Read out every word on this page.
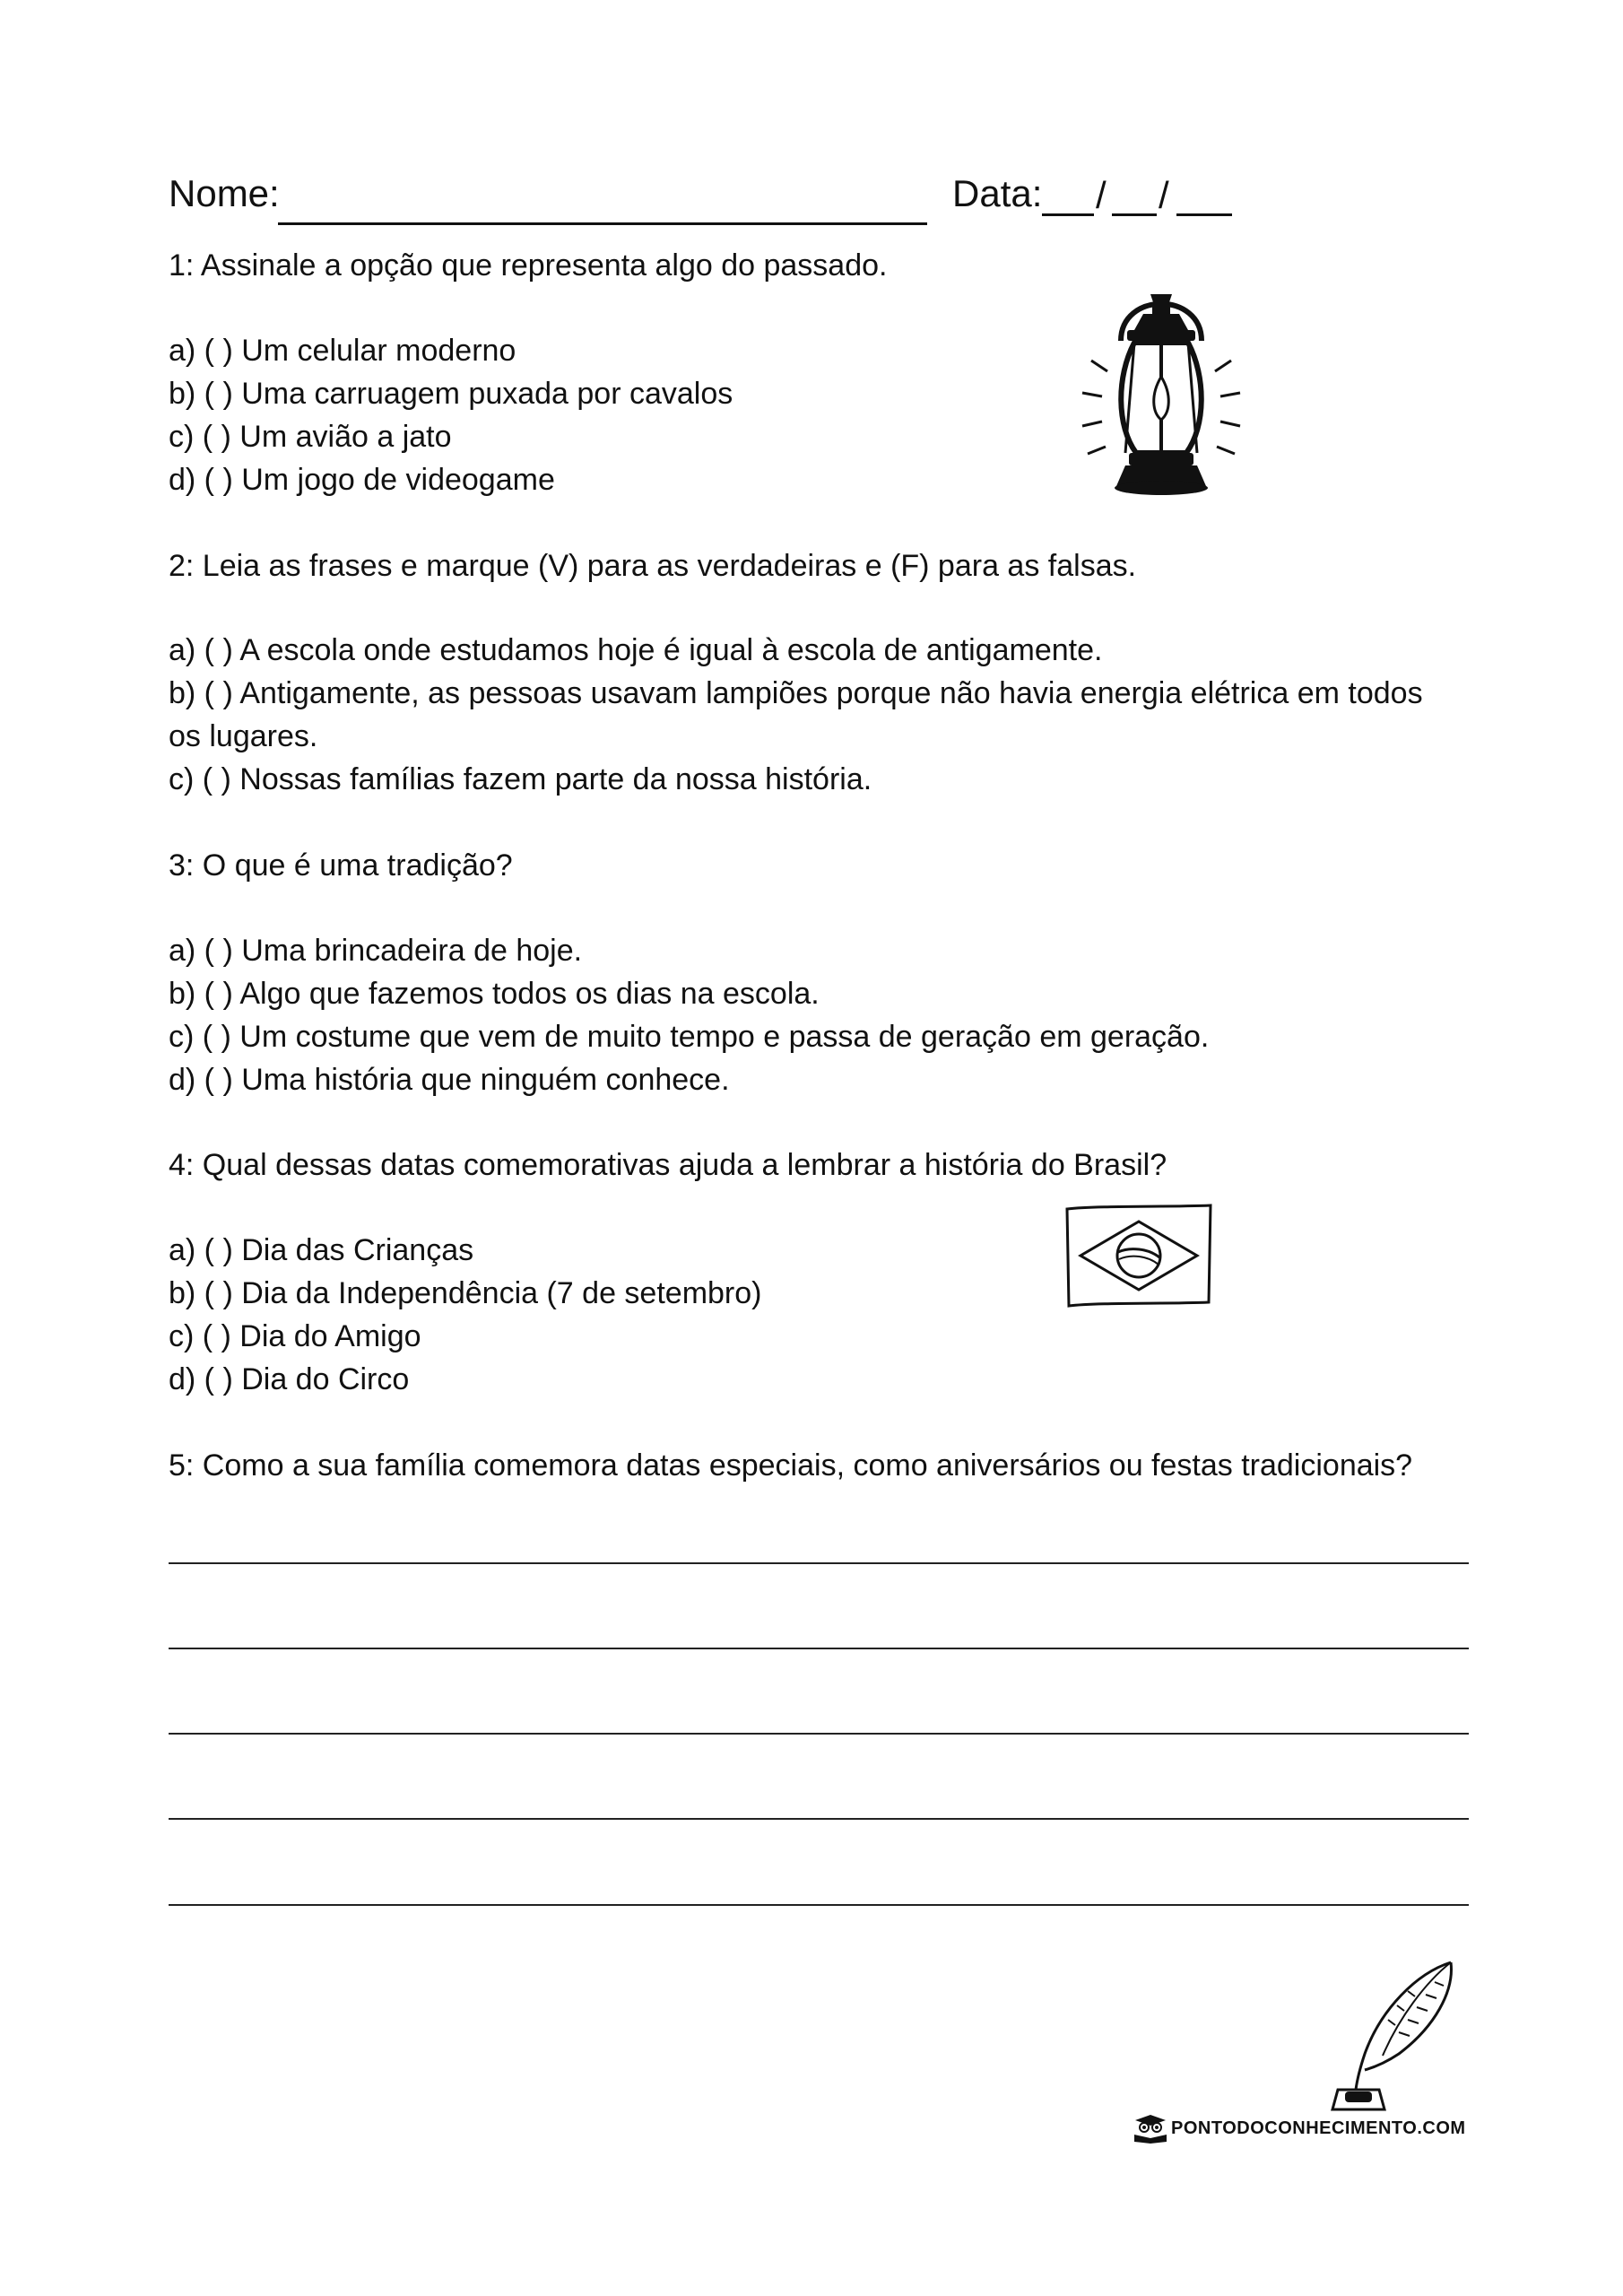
Nome:	Data: / /
1: Assinale a opção que representa algo do passado.
a) ( ) Um celular moderno
b) ( ) Uma carruagem puxada por cavalos
c) ( ) Um avião a jato
d) ( ) Um jogo de videogame
2: Leia as frases e marque (V) para as verdadeiras e (F) para as falsas.
a) ( ) A escola onde estudamos hoje é igual à escola de antigamente.
b) ( ) Antigamente, as pessoas usavam lampiões porque não havia energia elétrica em todos
os lugares.
c) ( ) Nossas famílias fazem parte da nossa história.
3: O que é uma tradição?
a) ( ) Uma brincadeira de hoje.
b) ( ) Algo que fazemos todos os dias na escola.
c) ( ) Um costume que vem de muito tempo e passa de geração em geração.
d) ( ) Uma história que ninguém conhece.
4: Qual dessas datas comemorativas ajuda a lembrar a história do Brasil?
a) ( ) Dia das Crianças
b) ( ) Dia da Independência (7 de setembro)
c) ( ) Dia do Amigo
d) ( ) Dia do Circo
5: Como a sua família comemora datas especiais, como aniversários ou festas tradicionais?
PONTODOCONHECIMENTO.COM
